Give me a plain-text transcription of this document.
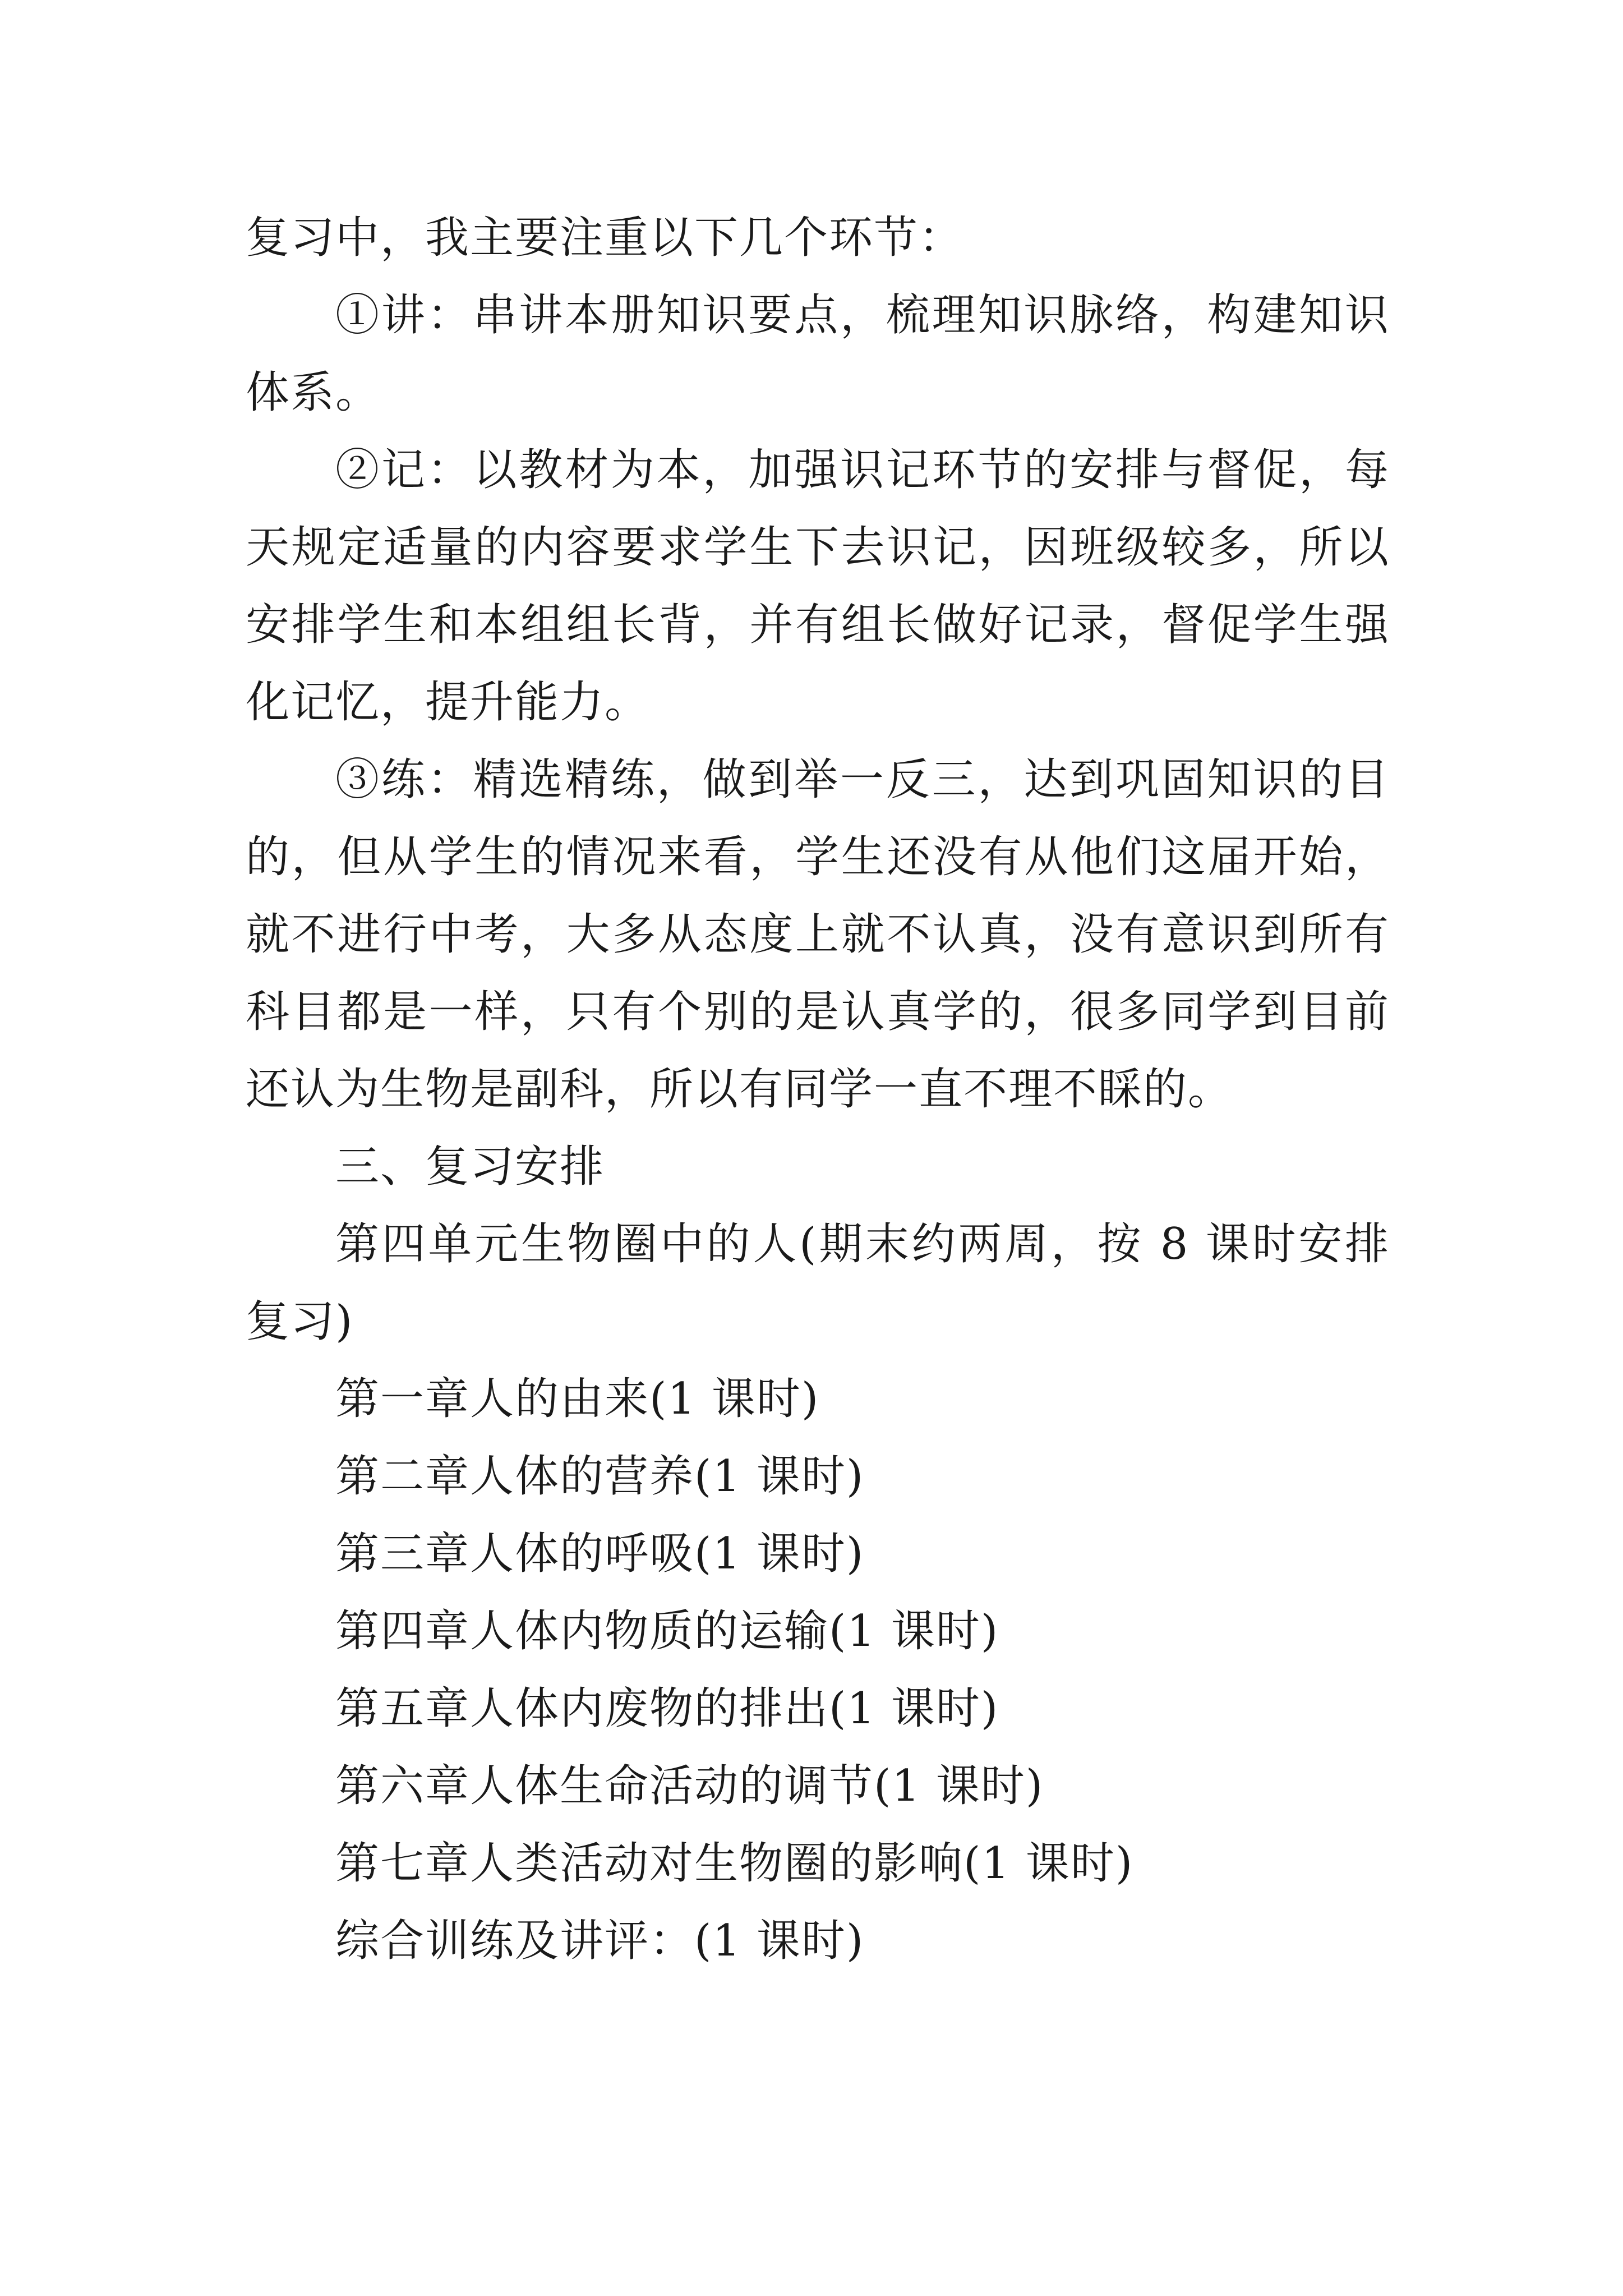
复习中，我主要注重以下几个环节：

①讲：串讲本册知识要点，梳理知识脉络，构建知识体系。

②记：以教材为本，加强识记环节的安排与督促，每天规定适量的内容要求学生下去识记，因班级较多，所以安排学生和本组组长背，并有组长做好记录，督促学生强化记忆，提升能力。

③练：精选精练，做到举一反三，达到巩固知识的目的，但从学生的情况来看，学生还没有从他们这届开始，就不进行中考，大多从态度上就不认真，没有意识到所有科目都是一样，只有个别的是认真学的，很多同学到目前还认为生物是副科，所以有同学一直不理不睬的。

三、复习安排

第四单元生物圈中的人(期末约两周，按 8 课时安排复习)

第一章人的由来(1 课时)
第二章人体的营养(1 课时)
第三章人体的呼吸(1 课时)
第四章人体内物质的运输(1 课时)
第五章人体内废物的排出(1 课时)
第六章人体生命活动的调节(1 课时)
第七章人类活动对生物圈的影响(1 课时)
综合训练及讲评：(1 课时)
